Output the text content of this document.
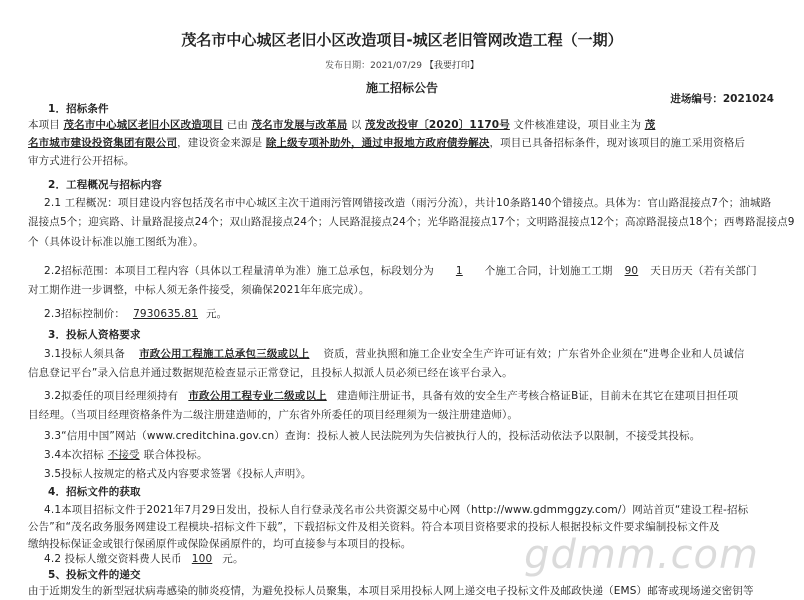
茂名市中心城区老旧小区改造项目-城区老旧管网改造工程（一期）
发布日期：2021/07/29 【我要打印】
施工招标公告
进场编号：2021024
1．招标条件
本项目 茂名市中心城区老旧小区改造项目 已由 茂名市发展与改革局 以 茂发改投审〔2020〕1170号 文件核准建设，项目业主为 茂
名市城市建设投资集团有限公司，建设资金来源是 除上级专项补助外，通过申报地方政府债券解决，项目已具备招标条件，现对该项目的施工采用资格后
审方式进行公开招标。
2．工程概况与招标内容
2.1 工程概况：项目建设内容包括茂名市中心城区主次干道雨污管网错接改造（雨污分流），共计10条路140个错接点。具体为：官山路混接点7个；油城路
混接点5个；迎宾路、计量路混接点24个；双山路混接点24个；人民路混接点24个；光华路混接点17个；文明路混接点12个；高凉路混接点18个；西粤路混接点9
个（具体设计标准以施工图纸为准）。
2.2招标范围：本项目工程内容（具体以工程量清单为准）施工总承包，标段划分为 1 个施工合同，计划施工工期 90 天日历天（若有关部门
对工期作进一步调整，中标人须无条件接受，须确保2021年年底完成）。
2.3招标控制价： 7930635.81 元。
3．投标人资格要求
3.1投标人须具备 市政公用工程施工总承包三级或以上 资质，营业执照和施工企业安全生产许可证有效；广东省外企业须在“进粤企业和人员诚信
信息登记平台”录入信息并通过数据规范检查显示正常登记，且投标人拟派人员必须已经在该平台录入。
3.2拟委任的项目经理须持有 市政公用工程专业二级或以上 建造师注册证书，具备有效的安全生产考核合格证B证，目前未在其它在建项目担任项
目经理。（当项目经理资格条件为二级注册建造师的，广东省外所委任的项目经理须为一级注册建造师）。
3.3“信用中国”网站（www.creditchina.gov.cn）查询：投标人被人民法院列为失信被执行人的，投标活动依法予以限制，不接受其投标。
3.4本次招标 不接受 联合体投标。
3.5投标人按规定的格式及内容要求签署《投标人声明》。
4．招标文件的获取
4.1本项目招标文件于2021年7月29日发出，投标人自行登录茂名市公共资源交易中心网（http://www.gdmmggzy.com/）网站首页“建设工程-招标
公告”和“茂名政务服务网建设工程模块-招标文件下载”，下载招标文件及相关资料。符合本项目资格要求的投标人根据投标文件要求编制投标文件及
缴纳投标保证金或银行保函原件或保险保函原件的，均可直接参与本项目的投标。
4.2 投标人缴交资料费人民币 100 元。
5、投标文件的递交
由于近期发生的新型冠状病毒感染的肺炎疫情，为避免投标人员聚集，本项目采用投标人网上递交电子投标文件及邮政快递（EMS）邮寄或现场递交密钥等
gdmm.com
